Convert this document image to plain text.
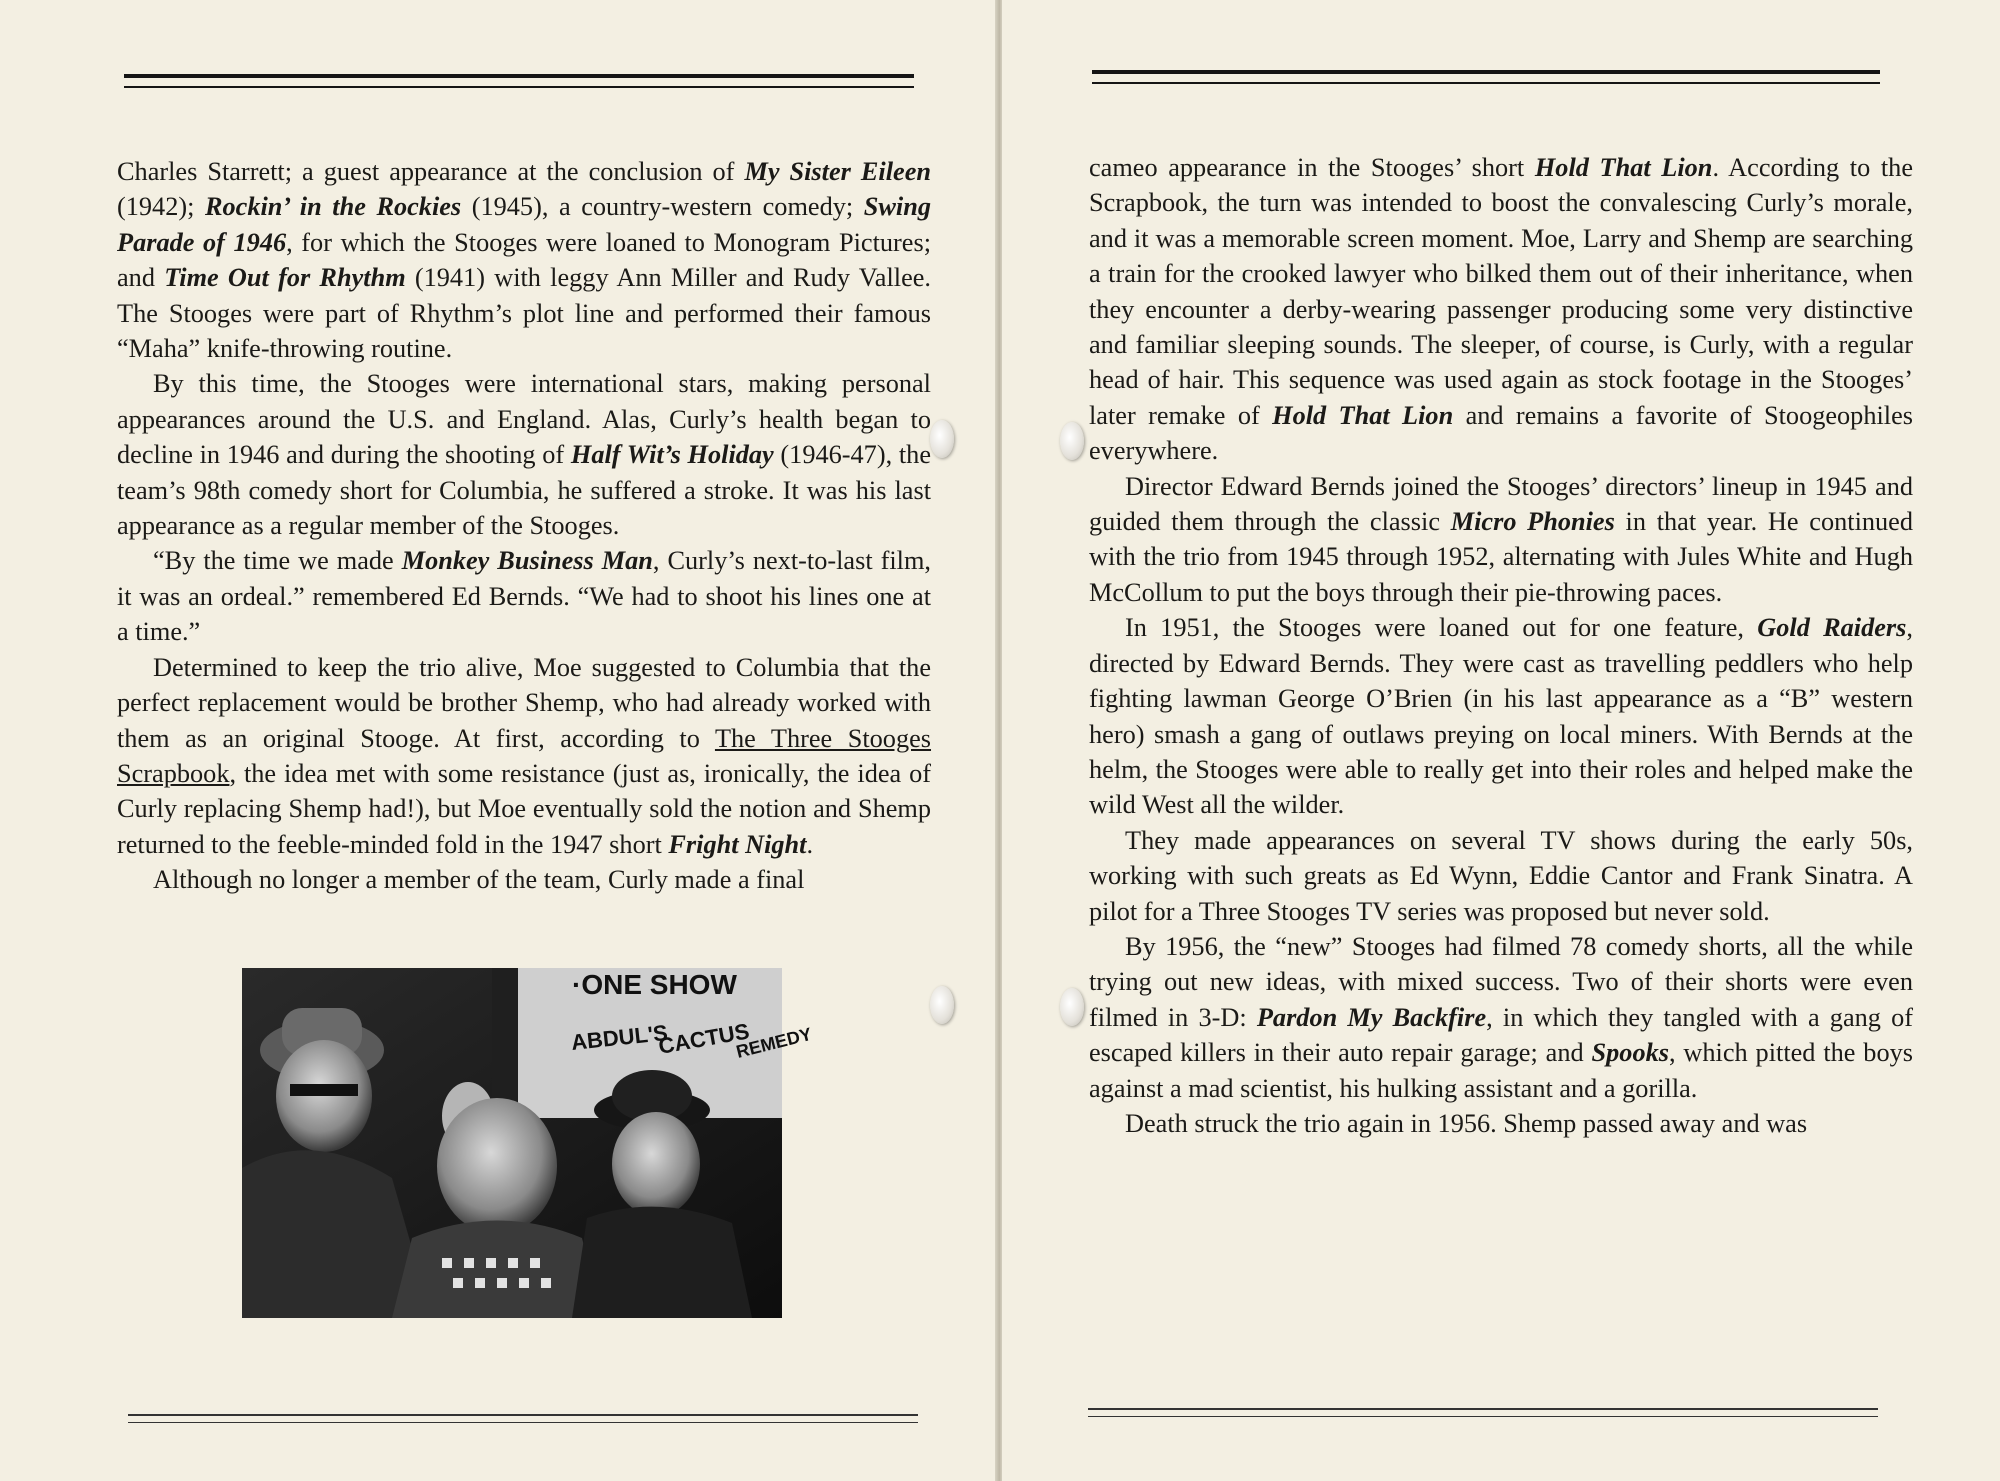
Charles Starrett; a guest appearance at the conclusion of My Sister Eileen (1942); Rockin’ in the Rockies (1945), a country-western comedy; Swing Parade of 1946, for which the Stooges were loaned to Monogram Pictures; and Time Out for Rhythm (1941) with leggy Ann Miller and Rudy Vallee. The Stooges were part of Rhythm’s plot line and performed their famous “Maha” knife-throwing routine.

By this time, the Stooges were international stars, making personal appearances around the U.S. and England. Alas, Curly’s health began to decline in 1946 and during the shooting of Half Wit’s Holiday (1946-47), the team’s 98th comedy short for Columbia, he suffered a stroke. It was his last appearance as a regular member of the Stooges.

“By the time we made Monkey Business Man, Curly’s next-to-last film, it was an ordeal.” remembered Ed Bernds. “We had to shoot his lines one at a time.”

Determined to keep the trio alive, Moe suggested to Columbia that the perfect replacement would be brother Shemp, who had already worked with them as an original Stooge. At first, according to The Three Stooges Scrapbook, the idea met with some resistance (just as, ironically, the idea of Curly replacing Shemp had!), but Moe eventually sold the notion and Shemp returned to the feeble-minded fold in the 1947 short Fright Night.

Although no longer a member of the team, Curly made a final

·ONE SHOW
ABDUL'S
CACTUS
REMEDY

cameo appearance in the Stooges’ short Hold That Lion. According to the Scrapbook, the turn was intended to boost the convalescing Curly’s morale, and it was a memorable screen moment. Moe, Larry and Shemp are searching a train for the crooked lawyer who bilked them out of their inheritance, when they encounter a derby-wearing passenger producing some very distinctive and familiar sleeping sounds. The sleeper, of course, is Curly, with a regular head of hair. This sequence was used again as stock footage in the Stooges’ later remake of Hold That Lion and remains a favorite of Stoogeophiles everywhere.

Director Edward Bernds joined the Stooges’ directors’ lineup in 1945 and guided them through the classic Micro Phonies in that year. He continued with the trio from 1945 through 1952, alternating with Jules White and Hugh McCollum to put the boys through their pie-throwing paces.

In 1951, the Stooges were loaned out for one feature, Gold Raiders, directed by Edward Bernds. They were cast as travelling peddlers who help fighting lawman George O’Brien (in his last appearance as a “B” western hero) smash a gang of outlaws preying on local miners. With Bernds at the helm, the Stooges were able to really get into their roles and helped make the wild West all the wilder.

They made appearances on several TV shows during the early 50s, working with such greats as Ed Wynn, Eddie Cantor and Frank Sinatra. A pilot for a Three Stooges TV series was proposed but never sold.

By 1956, the “new” Stooges had filmed 78 comedy shorts, all the while trying out new ideas, with mixed success. Two of their shorts were even filmed in 3-D: Pardon My Backfire, in which they tangled with a gang of escaped killers in their auto repair garage; and Spooks, which pitted the boys against a mad scientist, his hulking assistant and a gorilla.

Death struck the trio again in 1956. Shemp passed away and was
